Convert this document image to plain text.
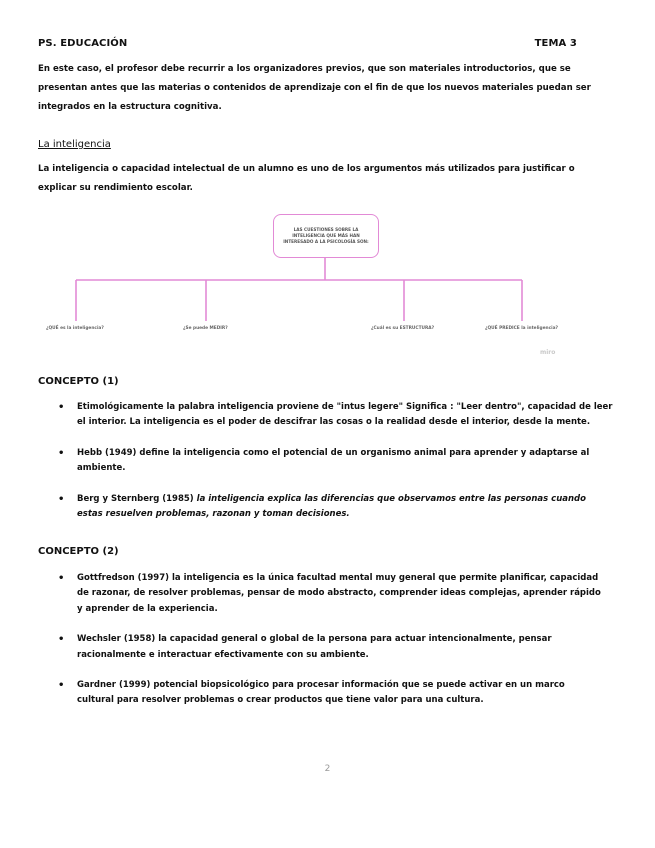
PS. EDUCACIÓN	TEMA 3
En este caso, el profesor debe recurrir a los organizadores previos, que son materiales introductorios, que se
presentan antes que las materias o contenidos de aprendizaje con el fin de que los nuevos materiales puedan ser
integrados en la estructura cognitiva.
La inteligencia
La inteligencia o capacidad intelectual de un alumno es uno de los argumentos más utilizados para justificar o
explicar su rendimiento escolar.
LAS CUESTIONES SOBRE LA INTELIGENCIA QUE MÁS HAN INTERESADO A LA PSICOLOGÍA SON:
¿QUÉ es la inteligencia?	¿Se puede MEDIR?	¿Cuál es su ESTRUCTURA?	¿QUÉ PREDICE la inteligencia?
miro
CONCEPTO (1)
• Etimológicamente la palabra inteligencia proviene de "intus legere" Significa : "Leer dentro", capacidad de leer
el interior. La inteligencia es el poder de descifrar las cosas o la realidad desde el interior, desde la mente.
• Hebb (1949) define la inteligencia como el potencial de un organismo animal para aprender y adaptarse al
ambiente.
• Berg y Sternberg (1985) la inteligencia explica las diferencias que observamos entre las personas cuando
estas resuelven problemas, razonan y toman decisiones.
CONCEPTO (2)
• Gottfredson (1997) la inteligencia es la única facultad mental muy general que permite planificar, capacidad
de razonar, de resolver problemas, pensar de modo abstracto, comprender ideas complejas, aprender rápido
y aprender de la experiencia.
• Wechsler (1958) la capacidad general o global de la persona para actuar intencionalmente, pensar
racionalmente e interactuar efectivamente con su ambiente.
• Gardner (1999) potencial biopsicológico para procesar información que se puede activar en un marco
cultural para resolver problemas o crear productos que tiene valor para una cultura.
2
